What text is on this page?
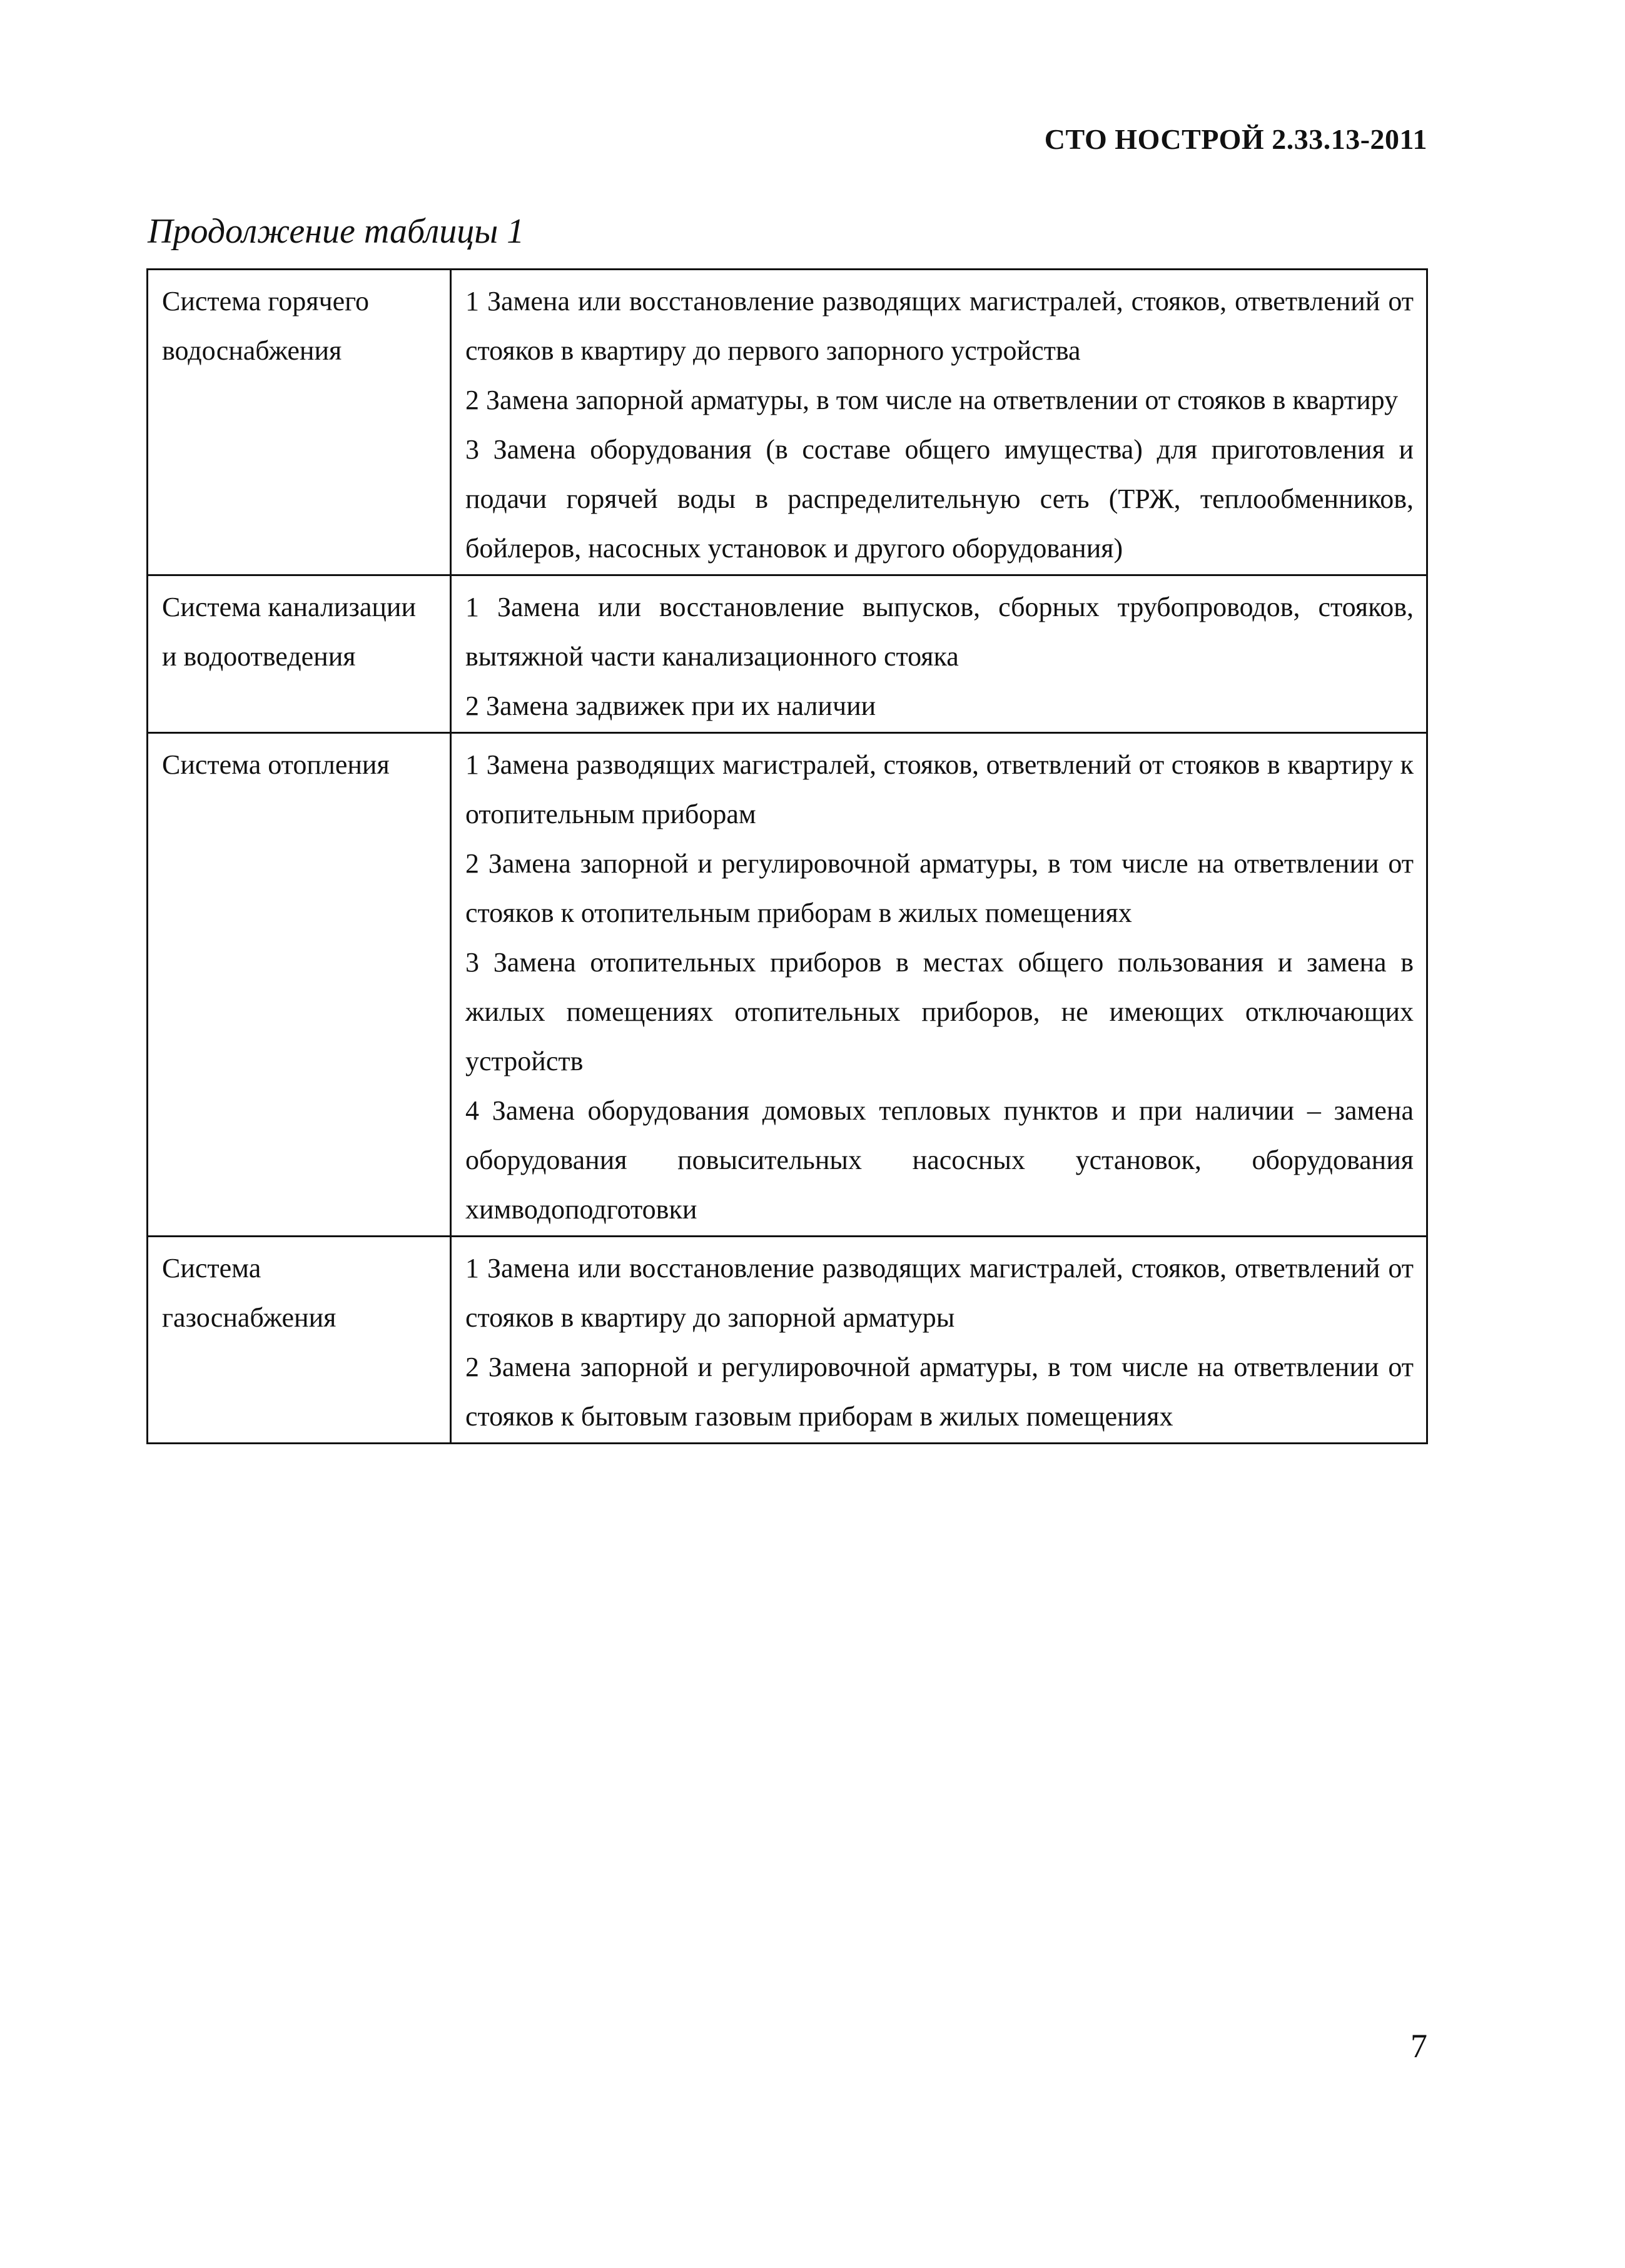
СТО НОСТРОЙ 2.33.13-2011
Продолжение таблицы 1
Система горячего водоснабжения	1 Замена или восстановление разводящих магистралей, стояков, ответвлений от стояков в квартиру до первого запорного устройства
2 Замена запорной арматуры, в том числе на ответвлении от стояков в квартиру
3 Замена оборудования (в составе общего имущества) для приготовления и подачи горячей воды в распределительную сеть (ТРЖ, теплообменников, бойлеров, насосных установок и другого оборудования)

Система канализации и водоотведения	1 Замена или восстановление выпусков, сборных трубопроводов, стояков, вытяжной части канализационного стояка
2 Замена задвижек при их наличии

Система отопления	1 Замена разводящих магистралей, стояков, ответвлений от стояков в квартиру к отопительным приборам
2 Замена запорной и регулировочной арматуры, в том числе на ответвлении от стояков к отопительным приборам в жилых помещениях
3 Замена отопительных приборов в местах общего пользования и замена в жилых помещениях отопительных приборов, не имеющих отключающих устройств
4 Замена оборудования домовых тепловых пунктов и при наличии – замена оборудования повысительных насосных установок, оборудования химводоподготовки

Система газоснабжения	1 Замена или восстановление разводящих магистралей, стояков, ответвлений от стояков в квартиру до запорной арматуры
2 Замена запорной и регулировочной арматуры, в том числе на ответвлении от стояков к бытовым газовым приборам в жилых помещениях
7
